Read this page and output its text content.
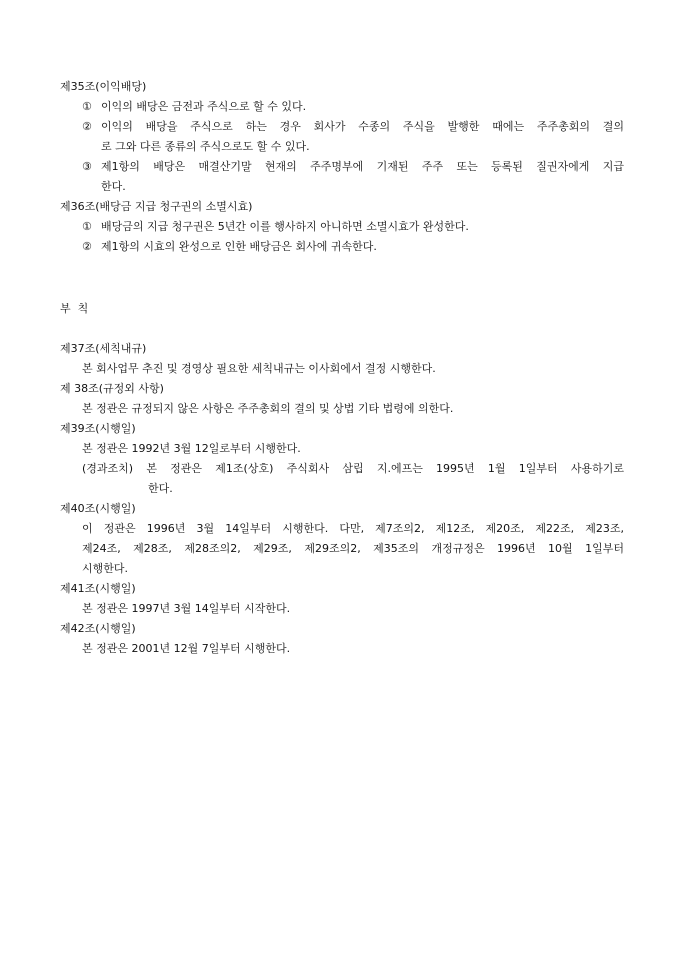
제35조(이익배당)
① 이익의 배당은 금전과 주식으로 할 수 있다.
② 이익의 배당을 주식으로 하는 경우 회사가 수종의 주식을 발행한 때에는 주주총회의 결의
로 그와 다른 종류의 주식으로도 할 수 있다.
③ 제1항의 배당은 매결산기말 현재의 주주명부에 기재된 주주 또는 등록된 질권자에게 지급
한다.
제36조(배당금 지급 청구권의 소멸시효)
① 배당금의 지급 청구권은 5년간 이를 행사하지 아니하면 소멸시효가 완성한다.
② 제1항의 시효의 완성으로 인한 배당금은 회사에 귀속한다.
부  칙
제37조(세칙내규)
본 회사업무 추진 및 경영상 필요한 세칙내규는 이사회에서 결정 시행한다.
제 38조(규정외 사항)
본 정관은 규정되지 않은 사항은 주주총회의 결의 및 상법 기타 법령에 의한다.
제39조(시행일)
본 정관은 1992년 3월 12일로부터 시행한다.
(경과조치) 본 정관은 제1조(상호) 주식회사 삼립 지.에프는 1995년 1월 1일부터 사용하기로
한다.
제40조(시행일)
이 정관은 1996년 3월 14일부터 시행한다. 다만, 제7조의2, 제12조, 제20조, 제22조, 제23조,
제24조, 제28조, 제28조의2, 제29조, 제29조의2, 제35조의 개정규정은 1996년 10월 1일부터
시행한다.
제41조(시행일)
본 정관은 1997년 3월 14일부터 시작한다.
제42조(시행일)
본 정관은 2001년 12월 7일부터 시행한다.
